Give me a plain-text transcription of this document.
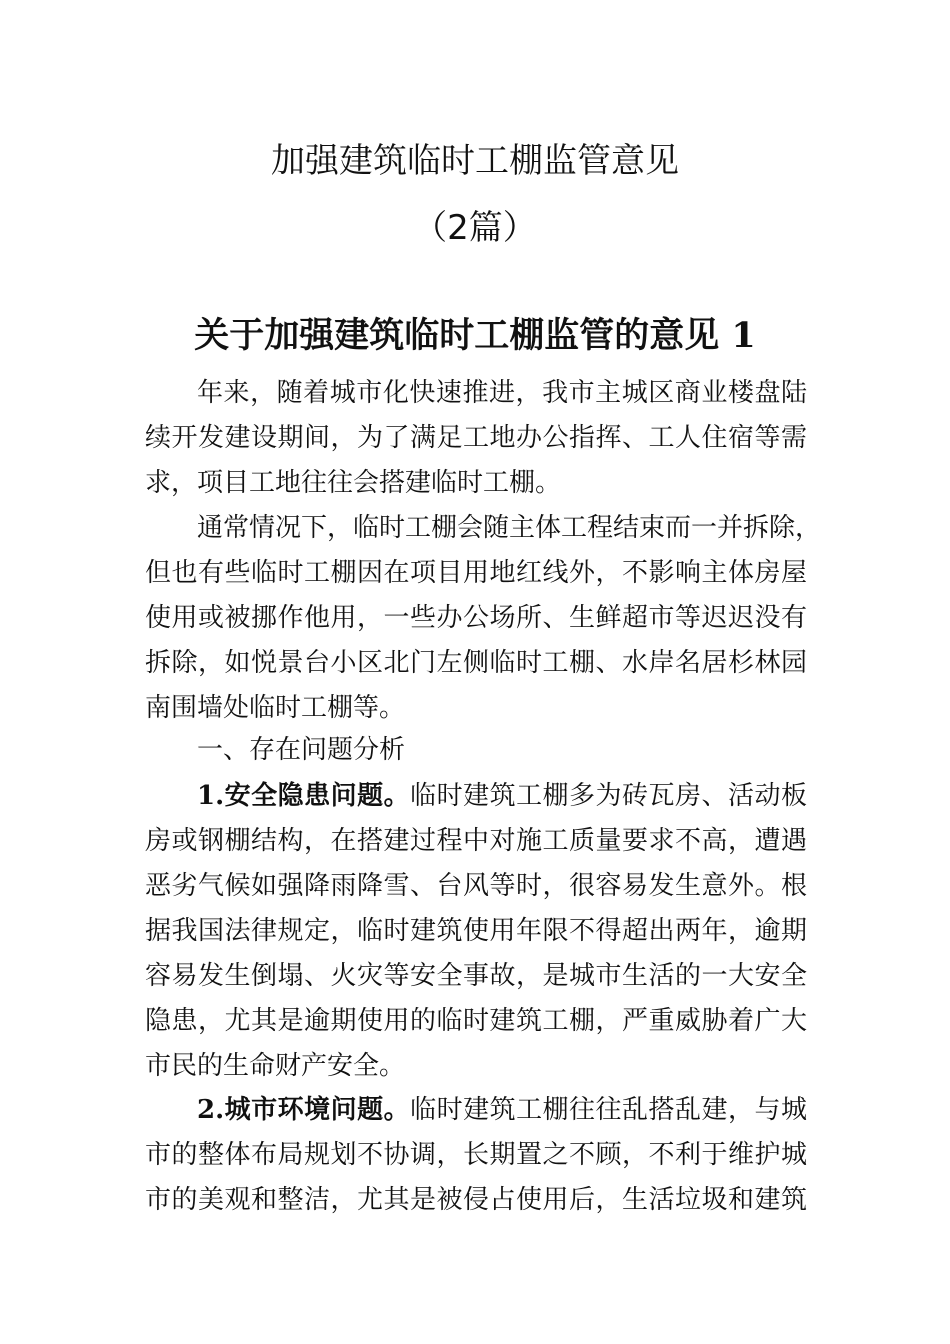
加强建筑临时工棚监管意见
（2篇）
关于加强建筑临时工棚监管的意见 1
年来，随着城市化快速推进，我市主城区商业楼盘陆
续开发建设期间，为了满足工地办公指挥、工人住宿等需
求，项目工地往往会搭建临时工棚。
通常情况下，临时工棚会随主体工程结束而一并拆除，
但也有些临时工棚因在项目用地红线外，不影响主体房屋
使用或被挪作他用，一些办公场所、生鲜超市等迟迟没有
拆除，如悦景台小区北门左侧临时工棚、水岸名居杉林园
南围墙处临时工棚等。
一、存在问题分析
1.安全隐患问题。临时建筑工棚多为砖瓦房、活动板
房或钢棚结构，在搭建过程中对施工质量要求不高，遭遇
恶劣气候如强降雨降雪、台风等时，很容易发生意外。根
据我国法律规定，临时建筑使用年限不得超出两年，逾期
容易发生倒塌、火灾等安全事故，是城市生活的一大安全
隐患，尤其是逾期使用的临时建筑工棚，严重威胁着广大
市民的生命财产安全。
2.城市环境问题。临时建筑工棚往往乱搭乱建，与城
市的整体布局规划不协调，长期置之不顾，不利于维护城
市的美观和整洁，尤其是被侵占使用后，生活垃圾和建筑
